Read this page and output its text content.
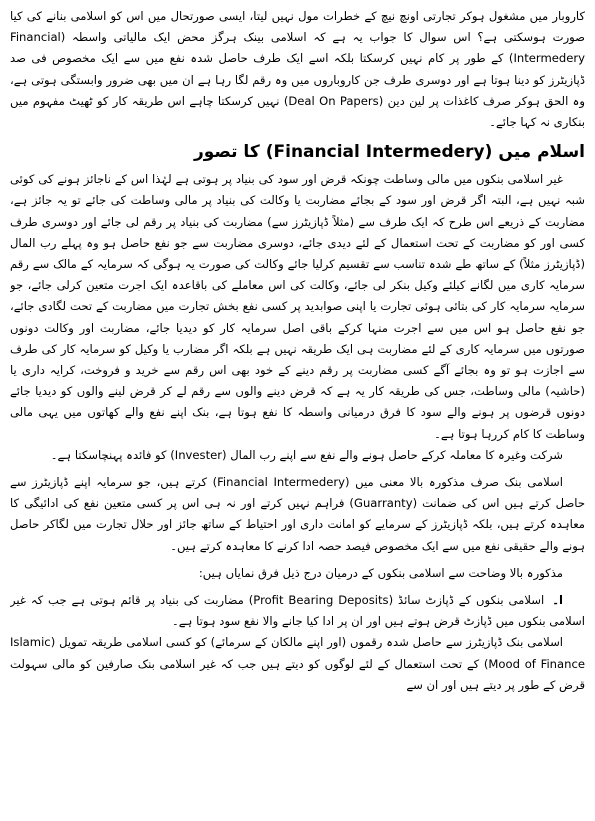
کاروبار میں مشغول ہوکر تجارتی اونچ نیچ کے خطرات مول نہیں لیتا، ایسی صورتحال میں اس کو اسلامی بنانے کی کیا صورت ہوسکتی ہے؟ اس سوال کا جواب یہ ہے کہ اسلامی بینک ہرگز محض ایک مالیاتی واسطہ (Financial Intermedery) کے طور پر کام نہیں کرسکتا بلکہ اسے ایک طرف حاصل شدہ نفع میں سے ایک مخصوص فی صد ڈپازیٹرز کو دینا ہوتا ہے اور دوسری طرف جن کاروباروں میں وہ رقم لگا رہا ہے ان میں بھی ضرور وابستگی ہوتی ہے، وہ الحق ہوکر صرف کاغذات پر لین دین (Deal On Papers) نہیں کرسکتا چاہے اس طریقہ کار کو ٹھیٹ مفہوم میں بنکاری نہ کہا جائے۔

اسلام میں
(Financial Intermedery)
کا تصور

غیر اسلامی بنکوں میں مالی وساطت چونکہ قرض اور سود کی بنیاد پر ہوتی ہے لہٰذا اس کے ناجائز ہونے کی کوئی شبہ نہیں ہے، البتہ اگر قرض اور سود کے بجائے مضاربت یا وکالت کی بنیاد پر مالی وساطت کی جائے تو یہ جائز ہے، مضاربت کے ذریعے اس طرح کہ ایک طرف سے (مثلاً ڈپازیٹرز سے) مضاربت کی بنیاد پر رقم لی جائے اور دوسری طرف کسی اور کو مضاربت کے تحت استعمال کے لئے دیدی جائے، دوسری مضاربت سے جو نفع حاصل ہو وہ پہلے رب المال (ڈپازیٹرز مثلاً) کے ساتھ طے شدہ تناسب سے تقسیم کرلیا جائے وکالت کی صورت یہ ہوگی کہ سرمایہ کے مالک سے رقم سرمایہ کاری میں لگانے کیلئے وکیل بنکر لی جائے، وکالت کی اس معاملے کی باقاعدہ ایک اجرت متعین کرلی جائے، جو سرمایہ سرمایہ کار کی بتائی ہوئی تجارت یا اپنی صوابدید پر کسی نفع بخش تجارت میں مضاربت کے تحت لگادی جائے، جو نفع حاصل ہو اس میں سے اجرت منہا کرکے باقی اصل سرمایہ کار کو دیدیا جائے، مضاربت اور وکالت دونوں صورتوں میں سرمایہ کاری کے لئے مضاربت ہی ایک طریقہ نہیں ہے بلکہ اگر مضارب یا وکیل کو سرمایہ کار کی طرف سے اجازت ہو تو وہ بجائے آگے کسی مضاربت پر رقم دینے کے خود بھی اس رقم سے خرید و فروخت، کرایہ داری یا (حاشیہ) مالی وساطت، جس کی طریقہ کار یہ ہے کہ قرض دینے والوں سے رقم لے کر قرض لینے والوں کو دیدیا جائے دونوں قرضوں پر ہونے والے سود کا فرق درمیانی واسطہ کا نفع ہوتا ہے، بنک اپنے نفع والے کھاتوں میں یہی مالی وساطت کا کام کررہا ہوتا ہے۔

شرکت وغیرہ کا معاملہ کرکے حاصل ہونے والے نفع سے اپنے رب المال (Invester) کو فائدہ پہنچاسکتا ہے۔

اسلامی بنک صرف مذکورہ بالا معنی میں (Financial Intermedery) کرتے ہیں، جو سرمایہ اپنے ڈپازیٹرز سے حاصل کرتے ہیں اس کی ضمانت (Guarranty) فراہم نہیں کرتے اور نہ ہی اس پر کسی متعین نفع کی ادائیگی کا معاہدہ کرتے ہیں، بلکہ ڈپازیٹرز کے سرمایے کو امانت داری اور احتیاط کے ساتھ جائز اور حلال تجارت میں لگاکر حاصل ہونے والے حقیقی نفع میں سے ایک مخصوص فیصد حصہ ادا کرنے کا معاہدہ کرتے ہیں۔

مذکورہ بالا وضاحت سے اسلامی بنکوں کے درمیان درج ذیل فرق نمایاں ہیں:

ا۔اسلامی بنکوں کے ڈپازٹ سائڈ (Profit Bearing Deposits) مضاربت کی بنیاد پر قائم ہوتی ہے جب کہ غیر اسلامی بنکوں میں ڈپازٹ قرض ہوتے ہیں اور ان پر ادا کیا جانے والا نفع سود ہوتا ہے۔

اسلامی بنک ڈپازیٹرز سے حاصل شدہ رقموں (اور اپنے مالکان کے سرمائے) کو کسی اسلامی طریقہ تمویل (Islamic Mood of Finance) کے تحت استعمال کے لئے لوگوں کو دیتے ہیں جب کہ غیر اسلامی بنک صارفین کو مالی سہولت قرض کے طور پر دیتے ہیں اور ان سے
